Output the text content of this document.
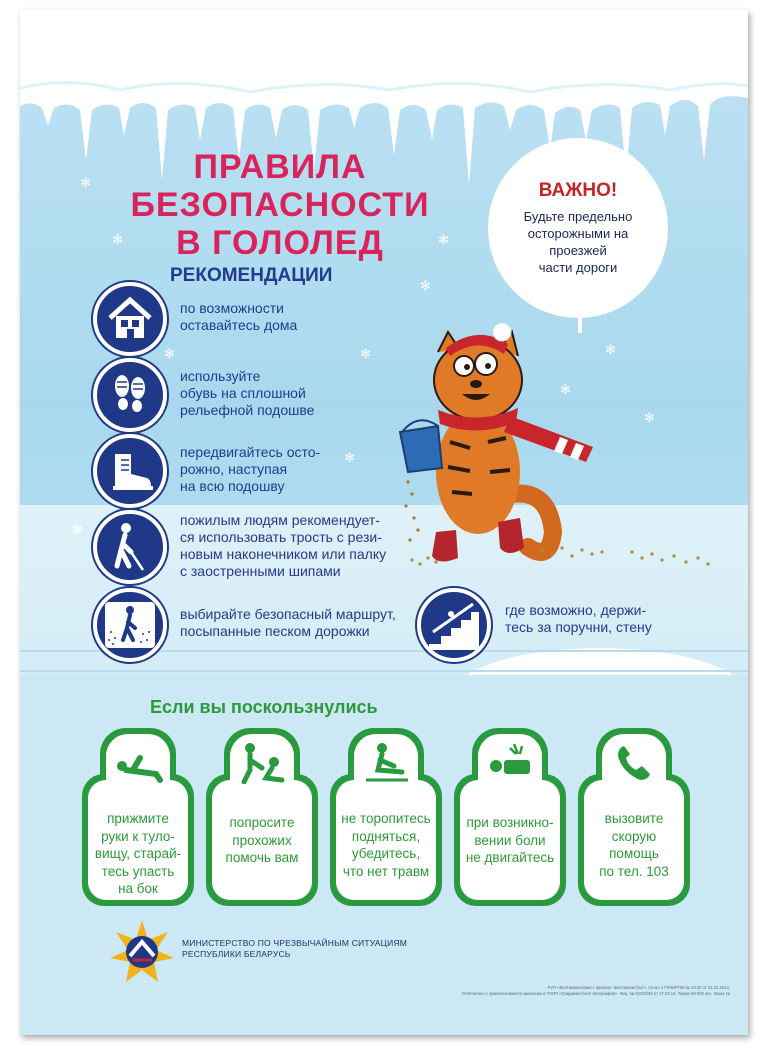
✻
✻
✻
✻
✻	✻	✻
✻
✻
✻
✻
ПРАВИЛА
БЕЗОПАСНОСТИ
В ГОЛОЛЕД
РЕКОМЕНДАЦИИ
ВАЖНО!
Будьте предельно
осторожными на проезжей
части дороги
по возможности
оставайтесь дома
используйте
обувь на сплошной
рельефной подошве
передвигайтесь осто-
рожно, наступая
на всю подошву
пожилым людям рекомендует-
ся использовать трость с рези-
новым наконечником или палку
с заостренными шипами
выбирайте безопасный маршрут,
посыпанные песком дорожки
где возможно, держи-
тесь за поручни, стену
Если вы поскользнулись
прижмите
руки к туло-
вищу, старай-
тесь упасть
на бок
попросите
прохожих
помочь вам
не торопитесь
подняться,
убедитесь,
что нет травм
при возникно-
вении боли
не двигайтесь
вызовите
скорую
помощь
по тел. 103
МИНИСТЕРСТВО ПО ЧРЕЗВЫЧАЙНЫМ СИТУАЦИЯМ
РЕСПУБЛИКИ БЕЛАРУСЬ
РУП «Белтаможсервис» филиал «Белтаможсбыт». Св-во о ГРИИРПИ № 1/132 от 24.01.2014.
Отпечатано с оригинал-макета заказчика в ГОИП «Градиментская типография». Лиц. № 02330/39 от 27.03.14. Тираж 50 000 экз. Заказ №
